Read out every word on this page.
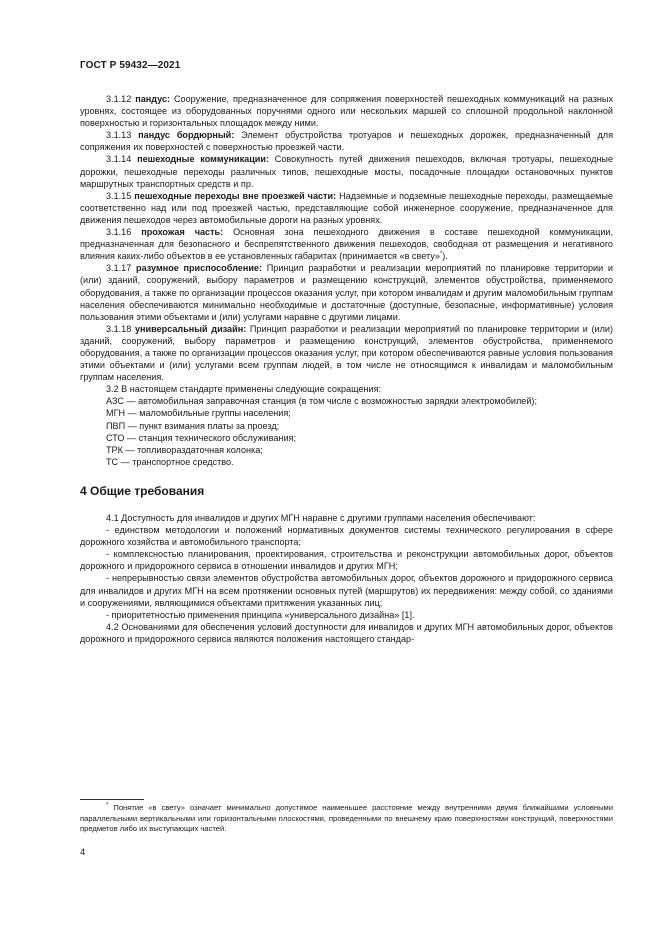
ГОСТ Р 59432—2021

3.1.12 пандус: Сооружение, предназначенное для сопряжения поверхностей пешеходных коммуникаций на разных уровнях, состоящее из оборудованных поручнями одного или нескольких маршей со сплошной продольной наклонной поверхностью и горизонтальных площадок между ними.

3.1.13 пандус бордюрный: Элемент обустройства тротуаров и пешеходных дорожек, предназначенный для сопряжения их поверхностей с поверхностью проезжей части.

3.1.14 пешеходные коммуникации: Совокупность путей движения пешеходов, включая тротуары, пешеходные дорожки, пешеходные переходы различных типов, пешеходные мосты, посадочные площадки остановочных пунктов маршрутных транспортных средств и пр.

3.1.15 пешеходные переходы вне проезжей части: Надземные и подземные пешеходные переходы, размещаемые соответственно над или под проезжей частью, представляющие собой инженерное сооружение, предназначенное для движения пешеходов через автомобильные дороги на разных уровнях.

3.1.16 прохожая часть: Основная зона пешеходного движения в составе пешеходной коммуникации, предназначенная для безопасного и беспрепятственного движения пешеходов, свободная от размещения и негативного влияния каких-либо объектов в ее установленных габаритах (принимается «в свету»*).

3.1.17 разумное приспособление: Принцип разработки и реализации мероприятий по планировке территории и (или) зданий, сооружений, выбору параметров и размещению конструкций, элементов обустройства, применяемого оборудования, а также по организации процессов оказания услуг, при котором инвалидам и другим маломобильным группам населения обеспечиваются минимально необходимые и достаточные (доступные, безопасные, информативные) условия пользования этими объектами и (или) услугами наравне с другими лицами.

3.1.18 универсальный дизайн: Принцип разработки и реализации мероприятий по планировке территории и (или) зданий, сооружений, выбору параметров и размещению конструкций, элементов обустройства, применяемого оборудования, а также по организации процессов оказания услуг, при котором обеспечиваются равные условия пользования этими объектами и (или) услугами всем группам людей, в том числе не относящимся к инвалидам и маломобильным группам населения.

3.2 В настоящем стандарте применены следующие сокращения:

АЗС — автомобильная заправочная станция (в том числе с возможностью зарядки электромобилей);

МГН — маломобильные группы населения;

ПВП — пункт взимания платы за проезд;

СТО — станция технического обслуживания;

ТРК — топливораздаточная колонка;

ТС — транспортное средство.

4 Общие требования

4.1 Доступность для инвалидов и других МГН наравне с другими группами населения обеспечивают:

- единством методологии и положений нормативных документов системы технического регулирования в сфере дорожного хозяйства и автомобильного транспорта;

- комплексностью планирования, проектирования, строительства и реконструкции автомобильных дорог, объектов дорожного и придорожного сервиса в отношении инвалидов и других МГН;

- непрерывностью связи элементов обустройства автомобильных дорог, объектов дорожного и придорожного сервиса для инвалидов и других МГН на всем протяжении основных путей (маршрутов) их передвижения: между собой, со зданиями и сооружениями, являющимися объектами притяжения указанных лиц;

- приоритетностью применения принципа «универсального дизайна» [1].

4.2 Основаниями для обеспечения условий доступности для инвалидов и других МГН автомобильных дорог, объектов дорожного и придорожного сервиса являются положения настоящего стандар-

* Понятие «в свету» означает минимально допустимое наименьшее расстояние между внутренними двумя ближайшими условными параллельными вертикальными или горизонтальными плоскостями, проведенными по внешнему краю поверхностями конструкций, поверхностями предметов либо их выступающих частей.
4
